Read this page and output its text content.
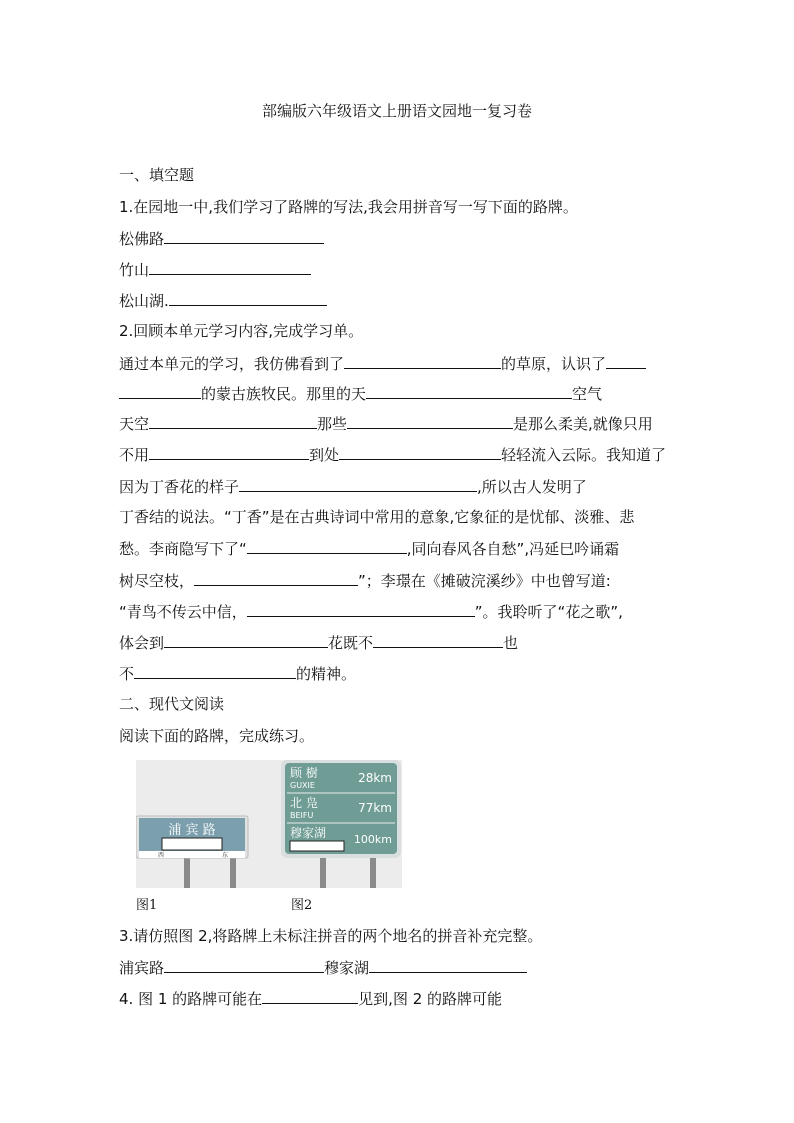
部编版六年级语文上册语文园地一复习卷
一、填空题
1.在园地一中,我们学习了路牌的写法,我会用拼音写一写下面的路牌。
松佛路
竹山
松山湖.
2.回顾本单元学习内容,完成学习单。
通过本单元的学习，我仿佛看到了	的草原，认识了
的蒙古族牧民。那里的天	空气
天空	那些	是那么柔美,就像只用
不用	到处	轻轻流入云际。我知道了
因为丁香花的样子	,所以古人发明了
丁香结的说法。“丁香”是在古典诗词中常用的意象,它象征的是忧郁、淡雅、悲
愁。李商隐写下了“	,同向春风各自愁”,冯延巳吟诵霜
树尽空枝，	”；李璟在《摊破浣溪纱》中也曾写道:
“青鸟不传云中信，	”。我聆听了“花之歌”,
体会到	花既不	也
不	的精神。
二、现代文阅读
阅读下面的路牌，完成练习。
浦 宾 路
西	东
顾 樹
GUXIE
28km
北 凫
BEIFU
77km
穆家湖	100km
图1	图2
3.请仿照图 2,将路牌上未标注拼音的两个地名的拼音补充完整。
浦宾路	穆家湖
4. 图 1 的路牌可能在	见到,图 2 的路牌可能
